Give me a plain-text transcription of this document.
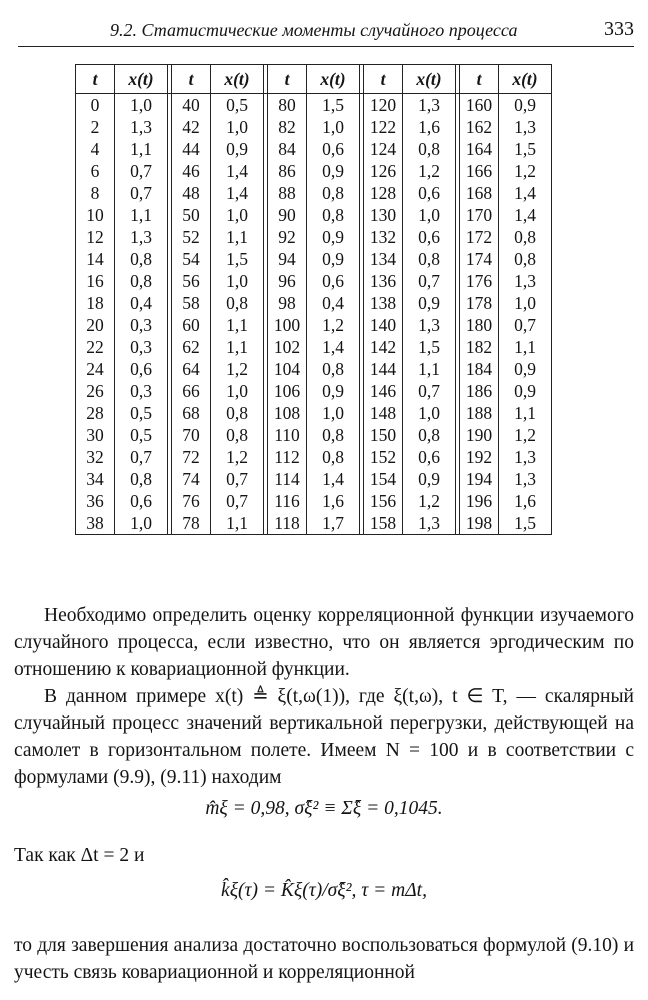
9.2. Статистические моменты случайного процесса	333
t	x(t)		t	x(t)		t	x(t)		t	x(t)		t	x(t)
0	1,0		40	0,5		80	1,5		120	1,3		160	0,9
2	1,3		42	1,0		82	1,0		122	1,6		162	1,3
4	1,1		44	0,9		84	0,6		124	0,8		164	1,5
6	0,7		46	1,4		86	0,9		126	1,2		166	1,2
8	0,7		48	1,4		88	0,8		128	0,6		168	1,4
10	1,1		50	1,0		90	0,8		130	1,0		170	1,4
12	1,3		52	1,1		92	0,9		132	0,6		172	0,8
14	0,8		54	1,5		94	0,9		134	0,8		174	0,8
16	0,8		56	1,0		96	0,6		136	0,7		176	1,3
18	0,4		58	0,8		98	0,4		138	0,9		178	1,0
20	0,3		60	1,1		100	1,2		140	1,3		180	0,7
22	0,3		62	1,1		102	1,4		142	1,5		182	1,1
24	0,6		64	1,2		104	0,8		144	1,1		184	0,9
26	0,3		66	1,0		106	0,9		146	0,7		186	0,9
28	0,5		68	0,8		108	1,0		148	1,0		188	1,1
30	0,5		70	0,8		110	0,8		150	0,8		190	1,2
32	0,7		72	1,2		112	0,8		152	0,6		192	1,3
34	0,8		74	0,7		114	1,4		154	0,9		194	1,3
36	0,6		76	0,7		116	1,6		156	1,2		196	1,6
38	1,0		78	1,1		118	1,7		158	1,3		198	1,5
Необходимо определить оценку корреляционной функции изучаемого случайного процесса, если известно, что он является эргодическим по отношению к ковариационной функции.
В данном примере x(t) ≜ ξ(t,ω(1)), где ξ(t,ω), t ∈ T, — скалярный случайный процесс значений вертикальной перегрузки, действующей на самолет в горизонтальном полете. Имеем N = 100 и в соответствии с формулами (9.9), (9.11) находим
m̂ξ = 0,98, σ̂ξ² ≡ Σ̂ξ = 0,1045.
Так как Δt = 2 и
k̂ξ(τ) = K̂ξ(τ)/σ̂ξ², τ = mΔt,
то для завершения анализа достаточно воспользоваться формулой (9.10) и учесть связь ковариационной и корреляционной
